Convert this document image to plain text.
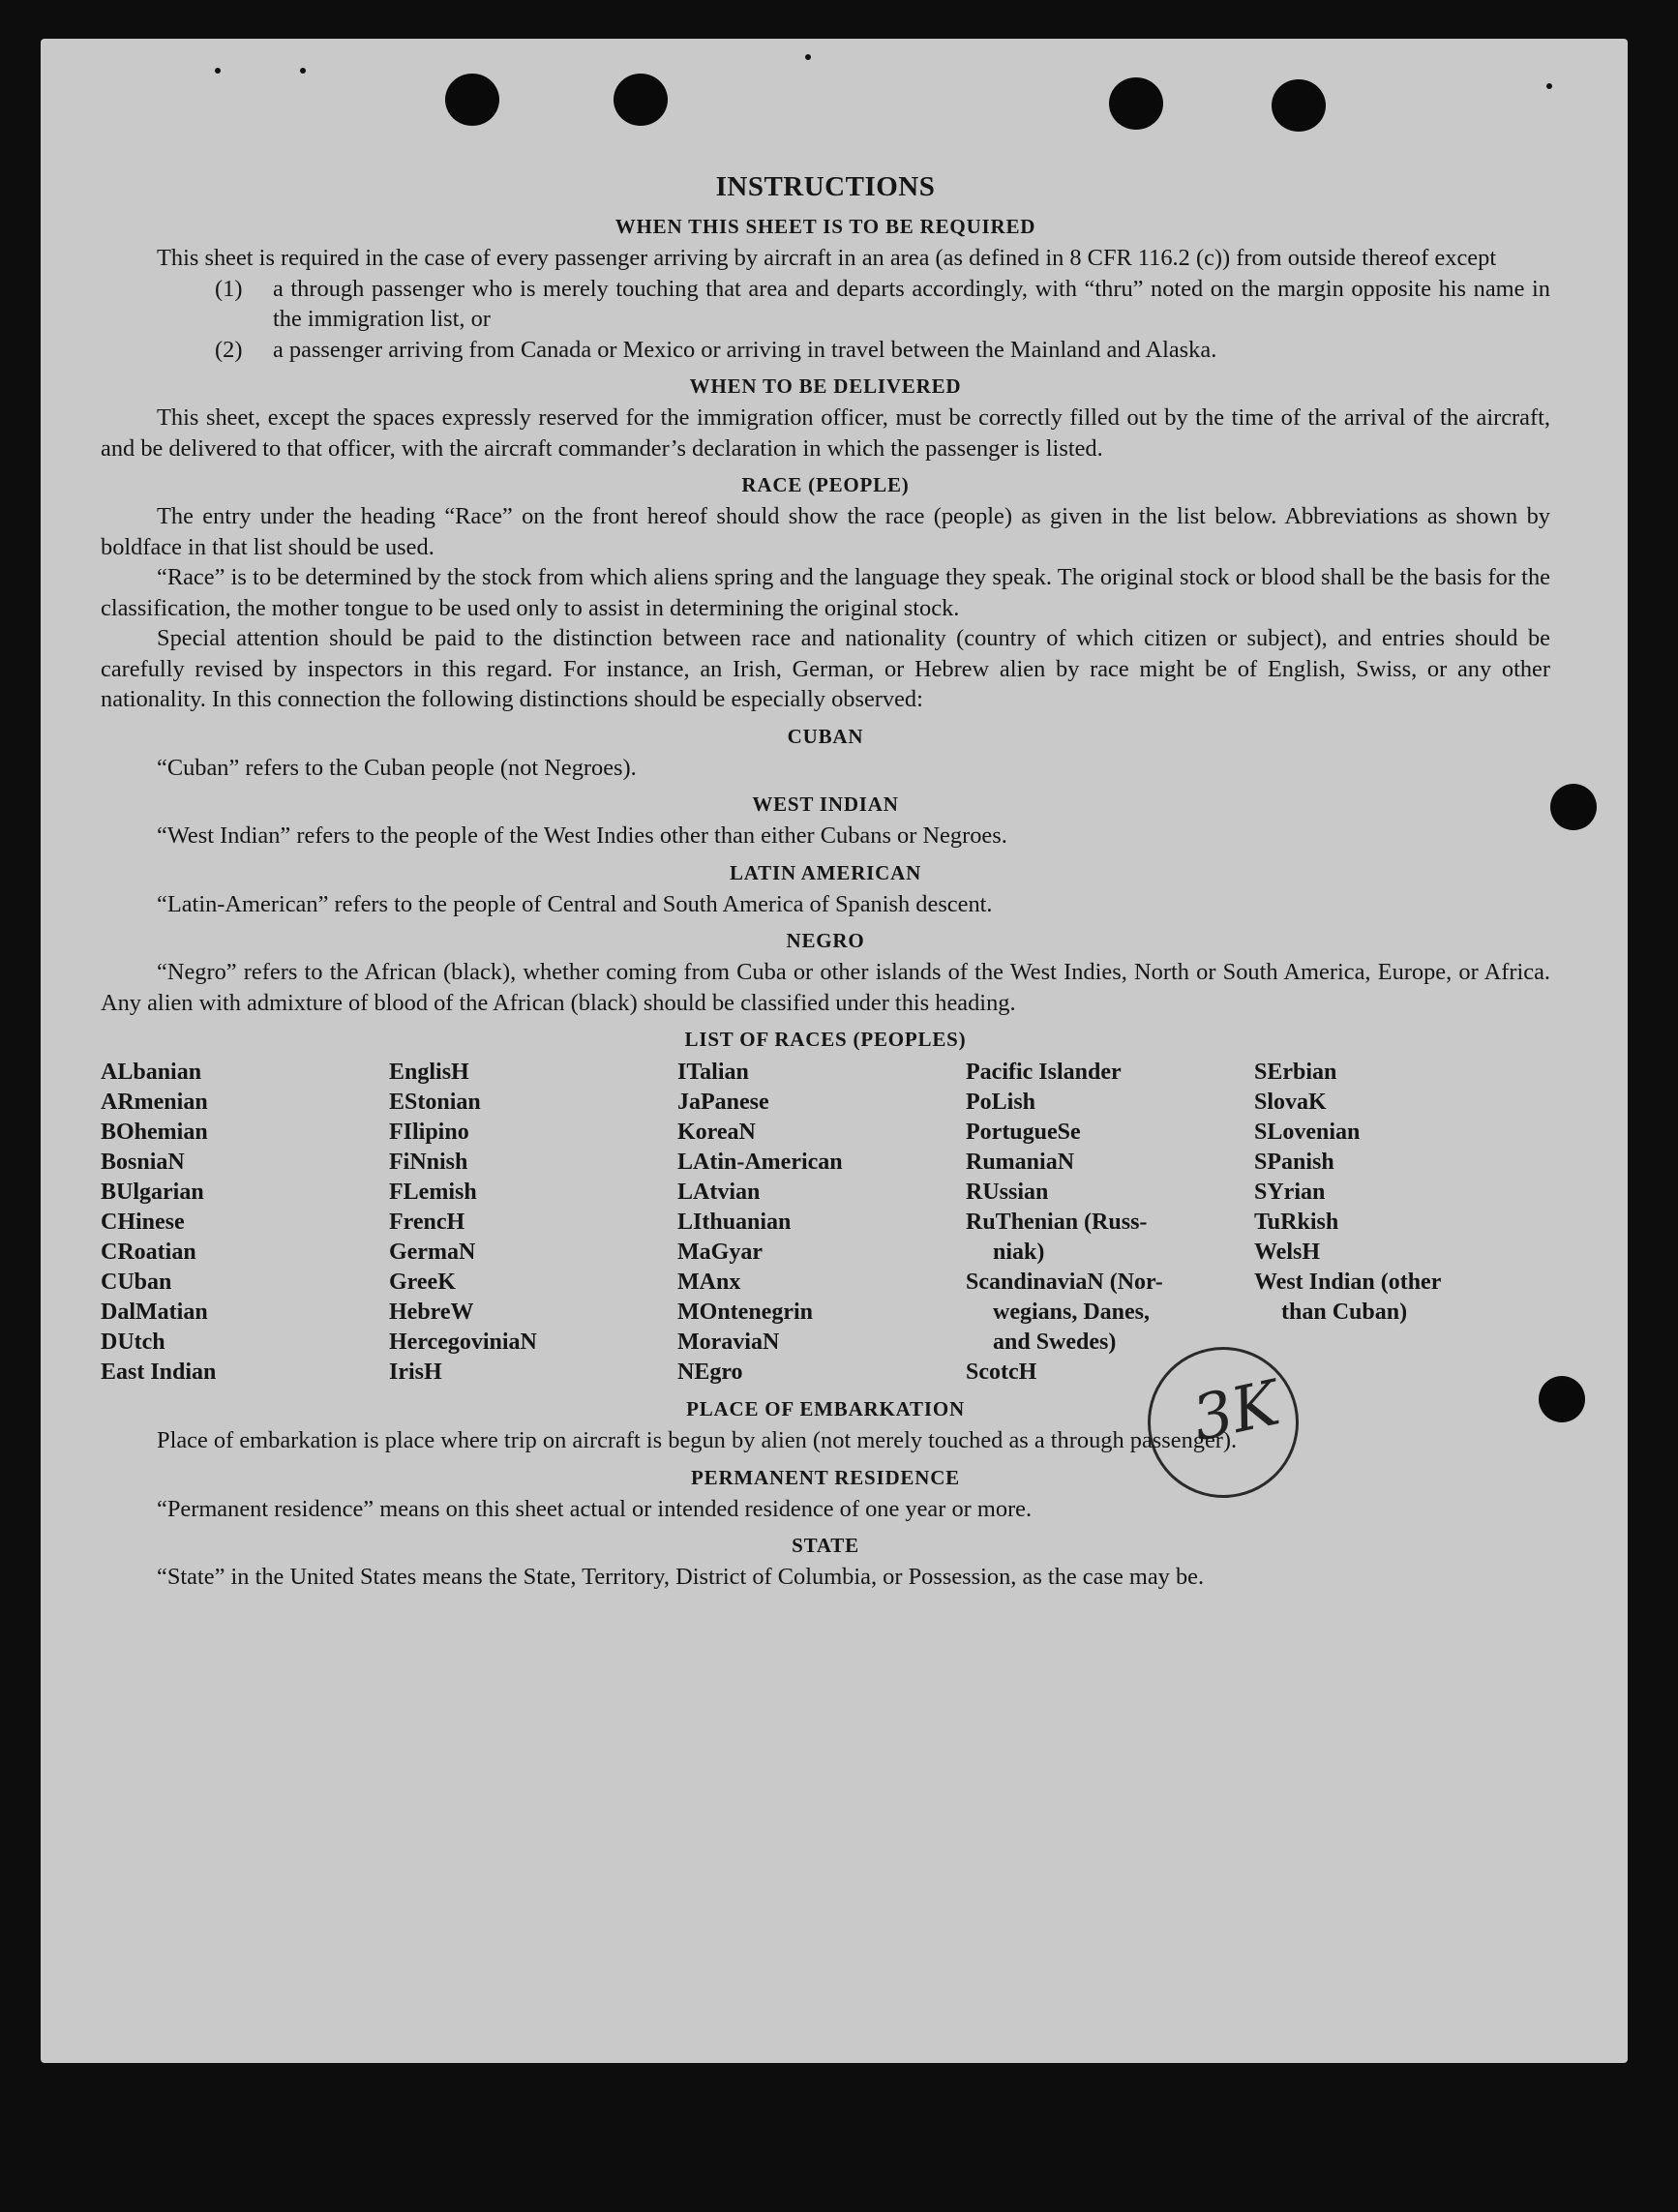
3K
INSTRUCTIONS
WHEN THIS SHEET IS TO BE REQUIRED

This sheet is required in the case of every passenger arriving by aircraft in an area (as defined in 8 CFR 116.2 (c)) from outside thereof except

(1)	a through passenger who is merely touching that area and departs accordingly, with “thru” noted on the margin opposite his name in the immigration list, or
(2)	a passenger arriving from Canada or Mexico or arriving in travel between the Mainland and Alaska.
WHEN TO BE DELIVERED

This sheet, except the spaces expressly reserved for the immigration officer, must be correctly filled out by the time of the arrival of the aircraft, and be delivered to that officer, with the aircraft commander’s declaration in which the passenger is listed.

RACE (PEOPLE)

The entry under the heading “Race” on the front hereof should show the race (people) as given in the list below. Abbreviations as shown by boldface in that list should be used.

“Race” is to be determined by the stock from which aliens spring and the language they speak. The original stock or blood shall be the basis for the classification, the mother tongue to be used only to assist in determining the original stock.

Special attention should be paid to the distinction between race and nationality (country of which citizen or subject), and entries should be carefully revised by inspectors in this regard. For instance, an Irish, German, or Hebrew alien by race might be of English, Swiss, or any other nationality. In this connection the following distinctions should be especially observed:

CUBAN

“Cuban” refers to the Cuban people (not Negroes).

WEST INDIAN

“West Indian” refers to the people of the West Indies other than either Cubans or Negroes.

LATIN AMERICAN

“Latin-American” refers to the people of Central and South America of Spanish descent.

NEGRO

“Negro” refers to the African (black), whether coming from Cuba or other islands of the West Indies, North or South America, Europe, or Africa. Any alien with admixture of blood of the African (black) should be classified under this heading.

LIST OF RACES (PEOPLES)
ALbanian
ARmenian
BOhemian
BosniaN
BUlgarian
CHinese
CRoatian
CUban
DalMatian
DUtch
East Indian
EnglisH
EStonian
FIlipino
FiNnish
FLemish
FrencH
GermaN
GreeK
HebreW
HercegoviniaN
IrisH
ITalian
JaPanese
KoreaN
LAtin-American
LAtvian
LIthuanian
MaGyar
MAnx
MOntenegrin
MoraviaN
NEgro
Pacific Islander
PoLish
PortugueSe
RumaniaN
RUssian
RuThenian (Russ-
niak)
ScandinaviaN (Nor-
wegians, Danes,
and Swedes)
ScotcH
SErbian
SlovaK
SLovenian
SPanish
SYrian
TuRkish
WelsH
West Indian (other
than Cuban)
PLACE OF EMBARKATION

Place of embarkation is place where trip on aircraft is begun by alien (not merely touched as a through passenger).

PERMANENT RESIDENCE

“Permanent residence” means on this sheet actual or intended residence of one year or more.

STATE

“State” in the United States means the State, Territory, District of Columbia, or Possession, as the case may be.
